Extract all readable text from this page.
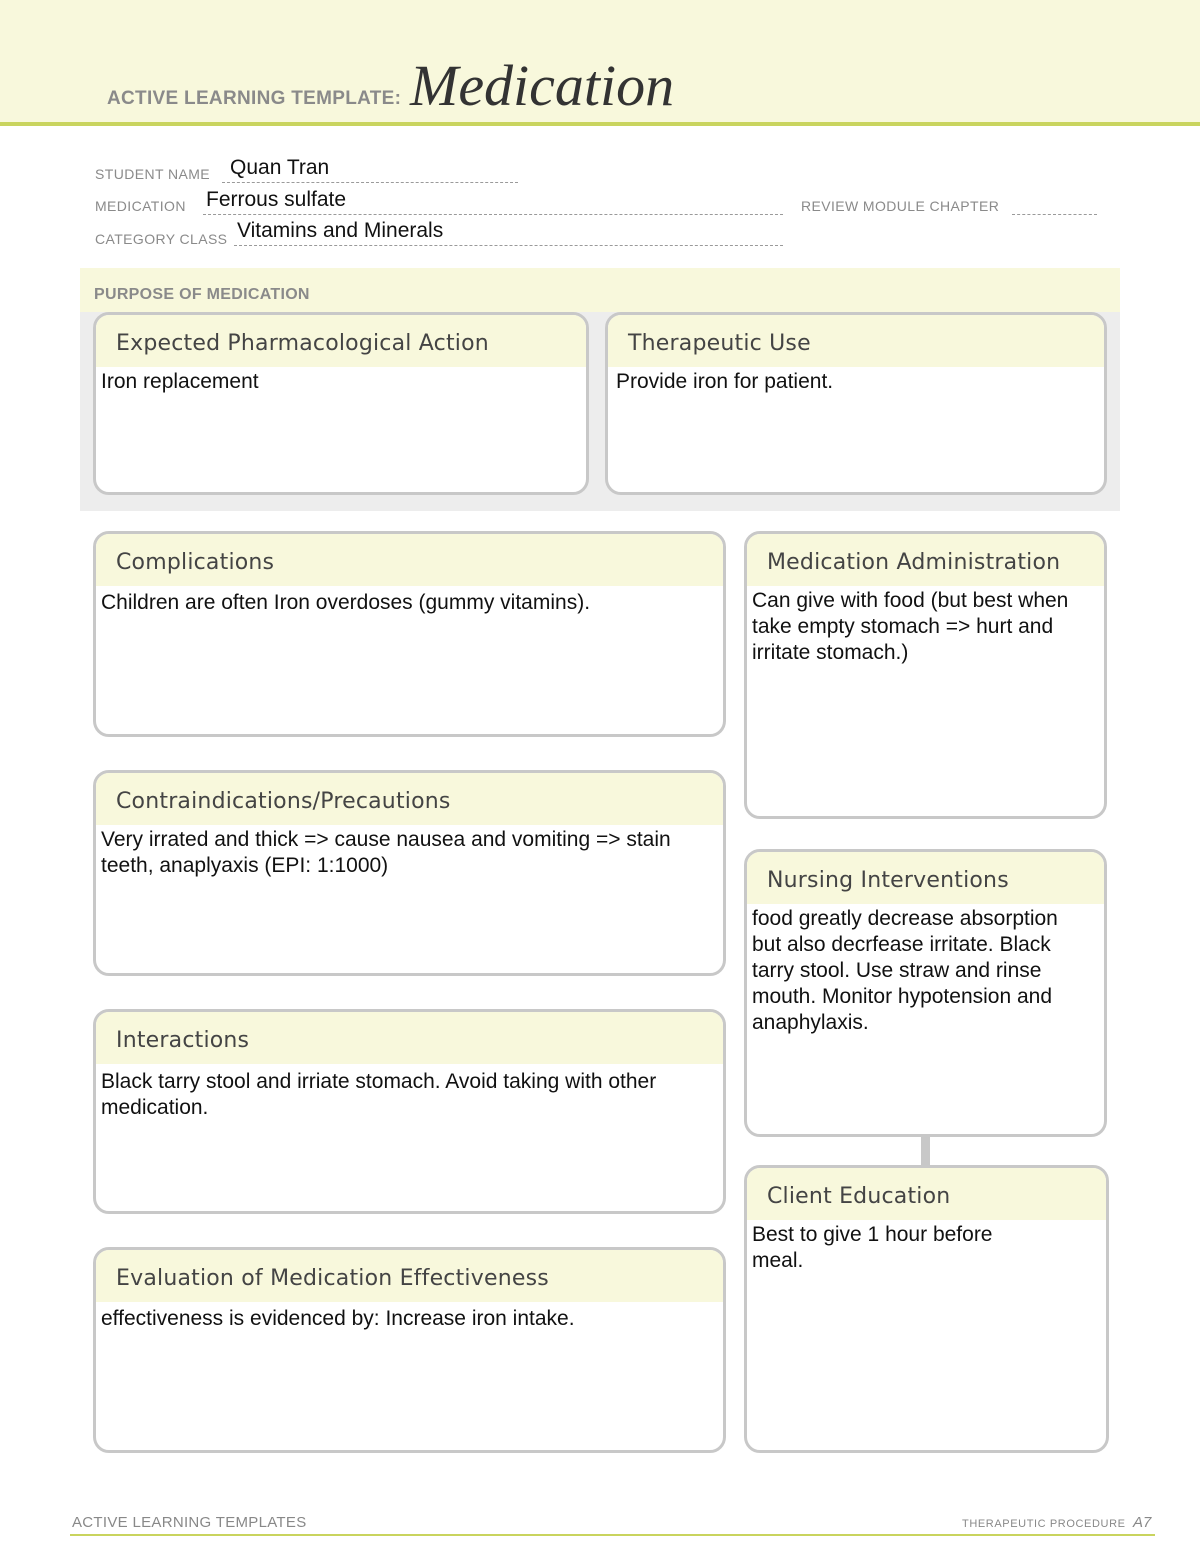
ACTIVE LEARNING TEMPLATE: Medication
STUDENT NAME Quan Tran
MEDICATION Ferrous sulfate	REVIEW MODULE CHAPTER
CATEGORY CLASS Vitamins and Minerals
PURPOSE OF MEDICATION
Expected Pharmacological Action
Iron replacement
Therapeutic Use
Provide iron for patient.
Complications
Children are often Iron overdoses (gummy vitamins).
Contraindications/Precautions
Very irrated and thick => cause nausea and vomiting => stain teeth, anaplyaxis (EPI: 1:1000)
Interactions
Black tarry stool and irriate stomach. Avoid taking with other medication.
Evaluation of Medication Effectiveness
effectiveness is evidenced by: Increase iron intake.
Medication Administration
Can give with food (but best when take empty stomach => hurt and irritate stomach.)
Nursing Interventions
food greatly decrease absorption but also decrfease irritate. Black tarry stool. Use straw and rinse mouth. Monitor hypotension and anaphylaxis.
Client Education
Best to give 1 hour before meal.
ACTIVE LEARNING TEMPLATES	THERAPEUTIC PROCEDURE A7
